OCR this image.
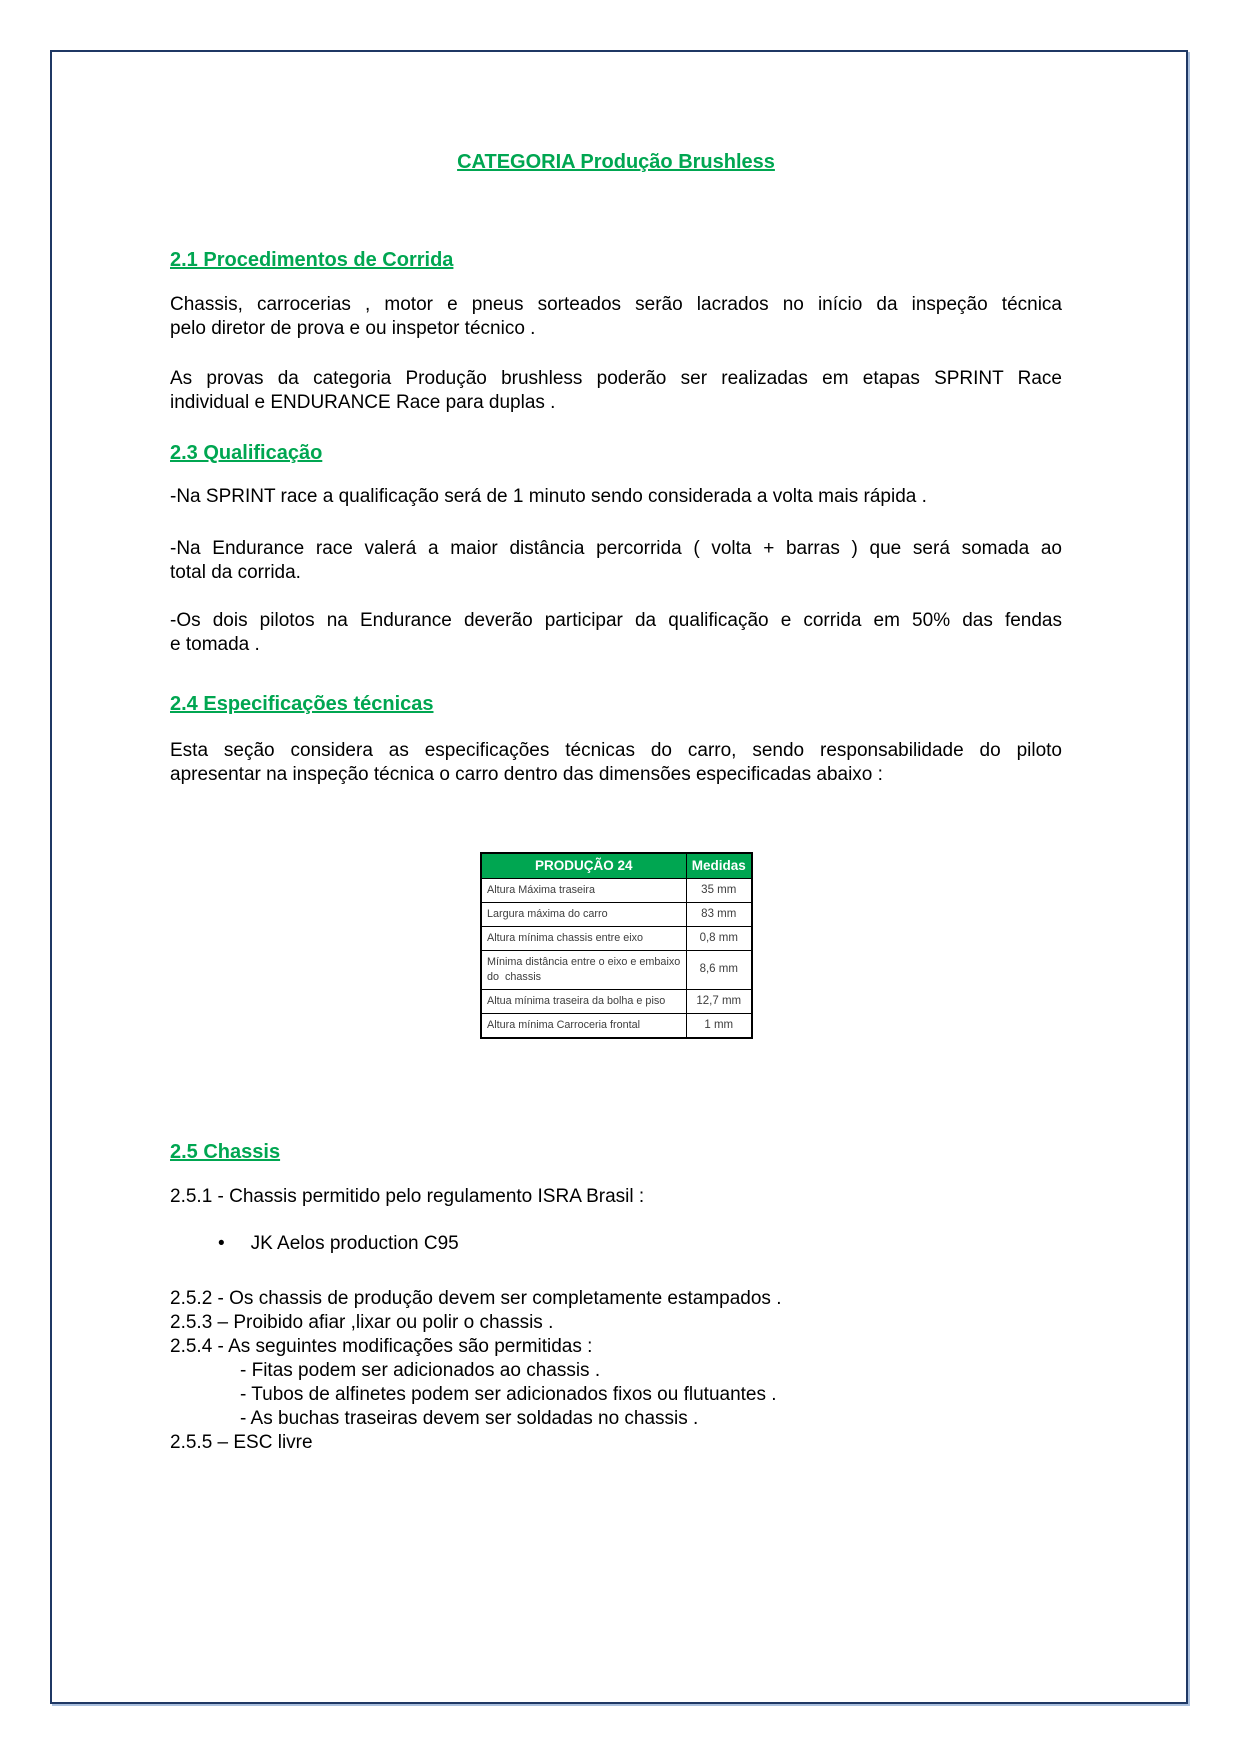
CATEGORIA Produção Brushless
2.1 Procedimentos de Corrida
Chassis, carrocerias , motor e pneus sorteados serão lacrados no início da inspeção técnica
pelo diretor de prova e ou inspetor técnico .
As provas da categoria Produção brushless poderão ser realizadas em etapas SPRINT Race
individual e ENDURANCE Race para duplas .
2.3 Qualificação
-Na SPRINT race a qualificação será de 1 minuto sendo considerada a volta mais rápida .
-Na Endurance race valerá a maior distância percorrida ( volta + barras ) que será somada ao
total da corrida.
-Os dois pilotos na Endurance deverão participar da qualificação e corrida em 50% das fendas
e tomada .
2.4 Especificações técnicas
Esta seção considera as especificações técnicas do carro, sendo responsabilidade do piloto
apresentar na inspeção técnica o carro dentro das dimensões especificadas abaixo :
PRODUÇÃO 24	Medidas
Altura Máxima traseira	35 mm
Largura máxima do carro	83 mm
Altura mínima chassis entre eixo	0,8 mm
Mínima distância entre o eixo e embaixo do  chassis	8,6 mm
Altua mínima traseira da bolha e piso	12,7 mm
Altura mínima Carroceria frontal	1 mm
2.5 Chassis
2.5.1 - Chassis permitido pelo regulamento ISRA Brasil :
• JK Aelos production C95
2.5.2 - Os chassis de produção devem ser completamente estampados .
2.5.3 – Proibido afiar ,lixar ou polir o chassis .
2.5.4 - As seguintes modificações são permitidas :
- Fitas podem ser adicionados ao chassis .
- Tubos de alfinetes podem ser adicionados fixos ou flutuantes .
- As buchas traseiras devem ser soldadas no chassis .
2.5.5 – ESC livre
